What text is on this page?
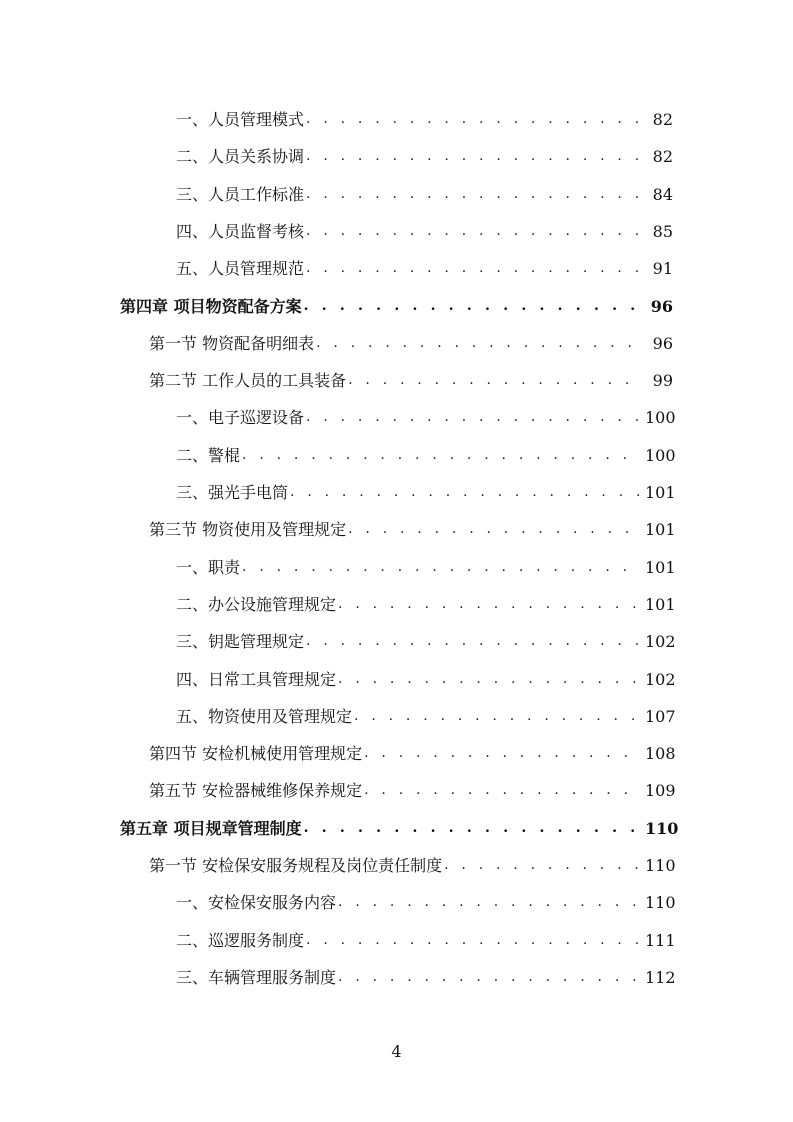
一、人员管理模式 . . .	82
二、人员关系协调 . . .	82
三、人员工作标准 . . .	84
四、人员监督考核 . . .	85
五、人员管理规范 . . .	91
第四章 项目物资配备方案 . . .	96
第一节 物资配备明细表 . . .	96
第二节 工作人员的工具装备 . . .	99
一、电子巡逻设备 . . .	100
二、警棍 . . .	100
三、强光手电筒 . . .	101
第三节 物资使用及管理规定 . . .	101
一、职责 . . .	101
二、办公设施管理规定 . . .	101
三、钥匙管理规定 . . .	102
四、日常工具管理规定 . . .	102
五、物资使用及管理规定 . . .	107
第四节 安检机械使用管理规定 . . .	108
第五节 安检器械维修保养规定 . . .	109
第五章 项目规章管理制度 . . .	110
第一节 安检保安服务规程及岗位责任制度 . . .	110
一、安检保安服务内容 . . .	110
二、巡逻服务制度 . . .	111
三、车辆管理服务制度 . . .	112
4
